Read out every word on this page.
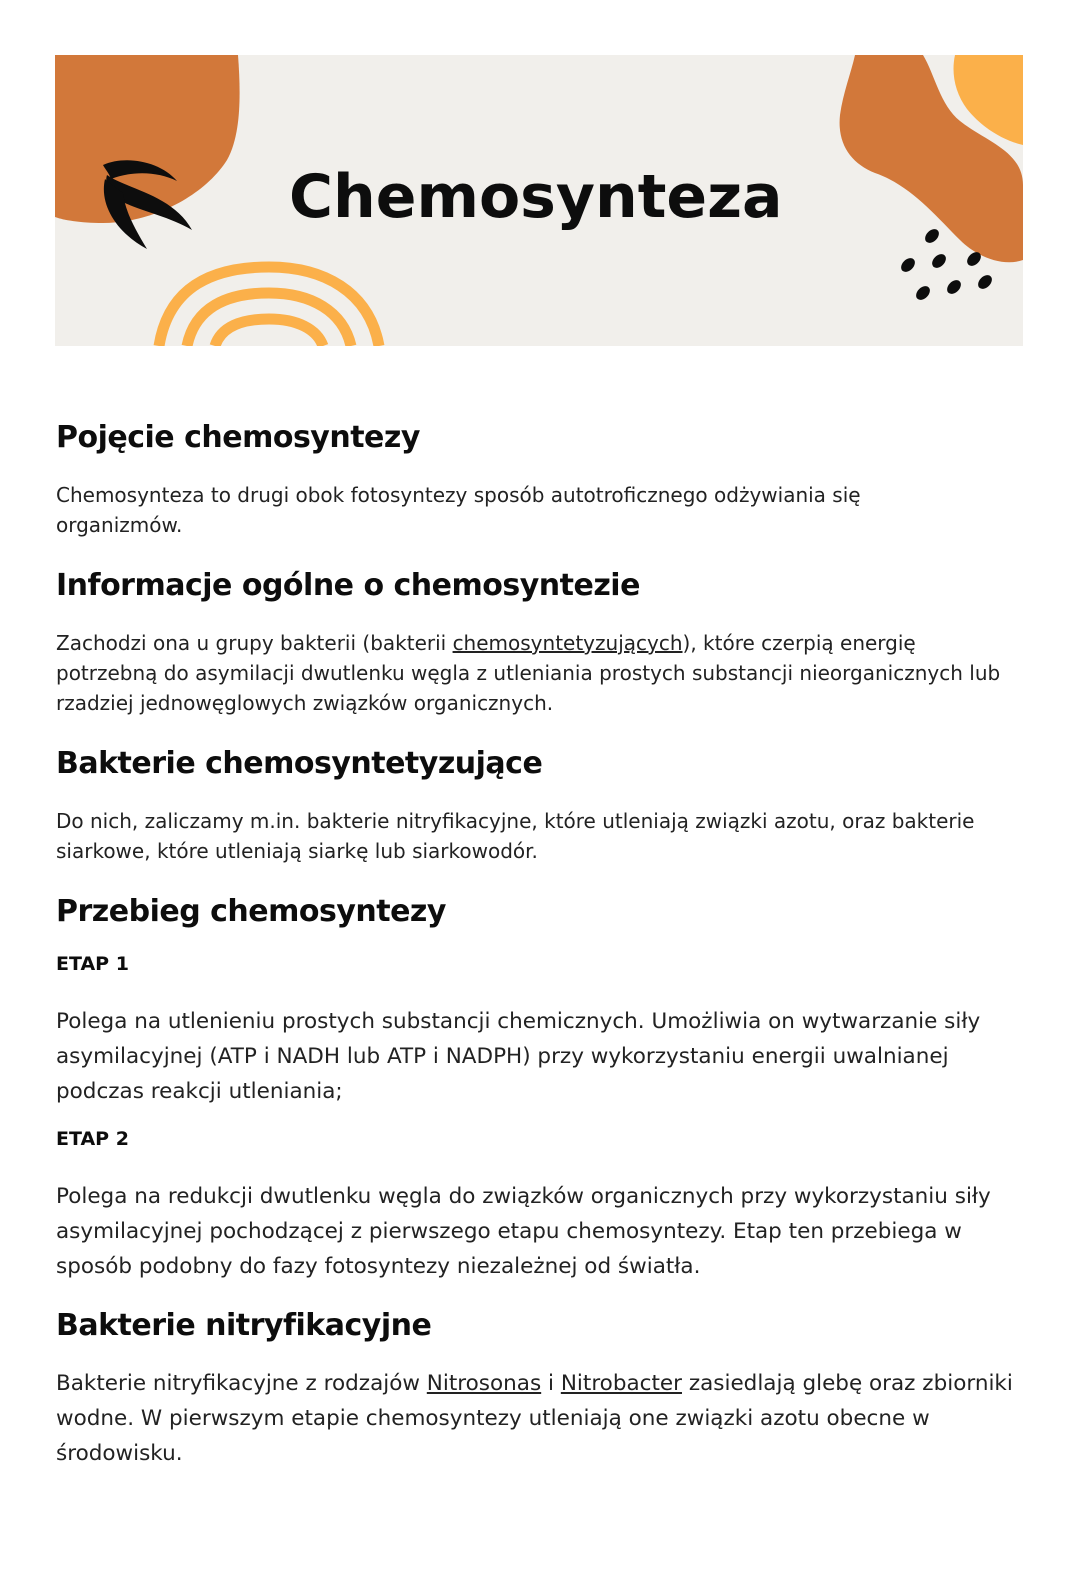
Chemosynteza
Pojęcie chemosyntezy

Chemosynteza to drugi obok fotosyntezy sposób autotroficznego odżywiania się organizmów.

Informacje ogólne o chemosyntezie

Zachodzi ona u grupy bakterii (bakterii chemosyntetyzujących), które czerpią energię potrzebną do asymilacji dwutlenku węgla z utleniania prostych substancji nieorganicznych lub rzadziej jednowęglowych związków organicznych.

Bakterie chemosyntetyzujące

Do nich, zaliczamy m.in. bakterie nitryfikacyjne, które utleniają związki azotu, oraz bakterie siarkowe, które utleniają siarkę lub siarkowodór.

Przebieg chemosyntezy
ETAP 1

Polega na utlenieniu prostych substancji chemicznych. Umożliwia on wytwarzanie siły asymilacyjnej (ATP i NADH lub ATP i NADPH) przy wykorzystaniu energii uwalnianej podczas reakcji utleniania;

ETAP 2

Polega na redukcji dwutlenku węgla do związków organicznych przy wykorzystaniu siły asymilacyjnej pochodzącej z pierwszego etapu chemosyntezy. Etap ten przebiega w sposób podobny do fazy fotosyntezy niezależnej od światła.

Bakterie nitryfikacyjne

Bakterie nitryfikacyjne z rodzajów Nitrosonas i Nitrobacter zasiedlają glebę oraz zbiorniki wodne. W pierwszym etapie chemosyntezy utleniają one związki azotu obecne w środowisku.
